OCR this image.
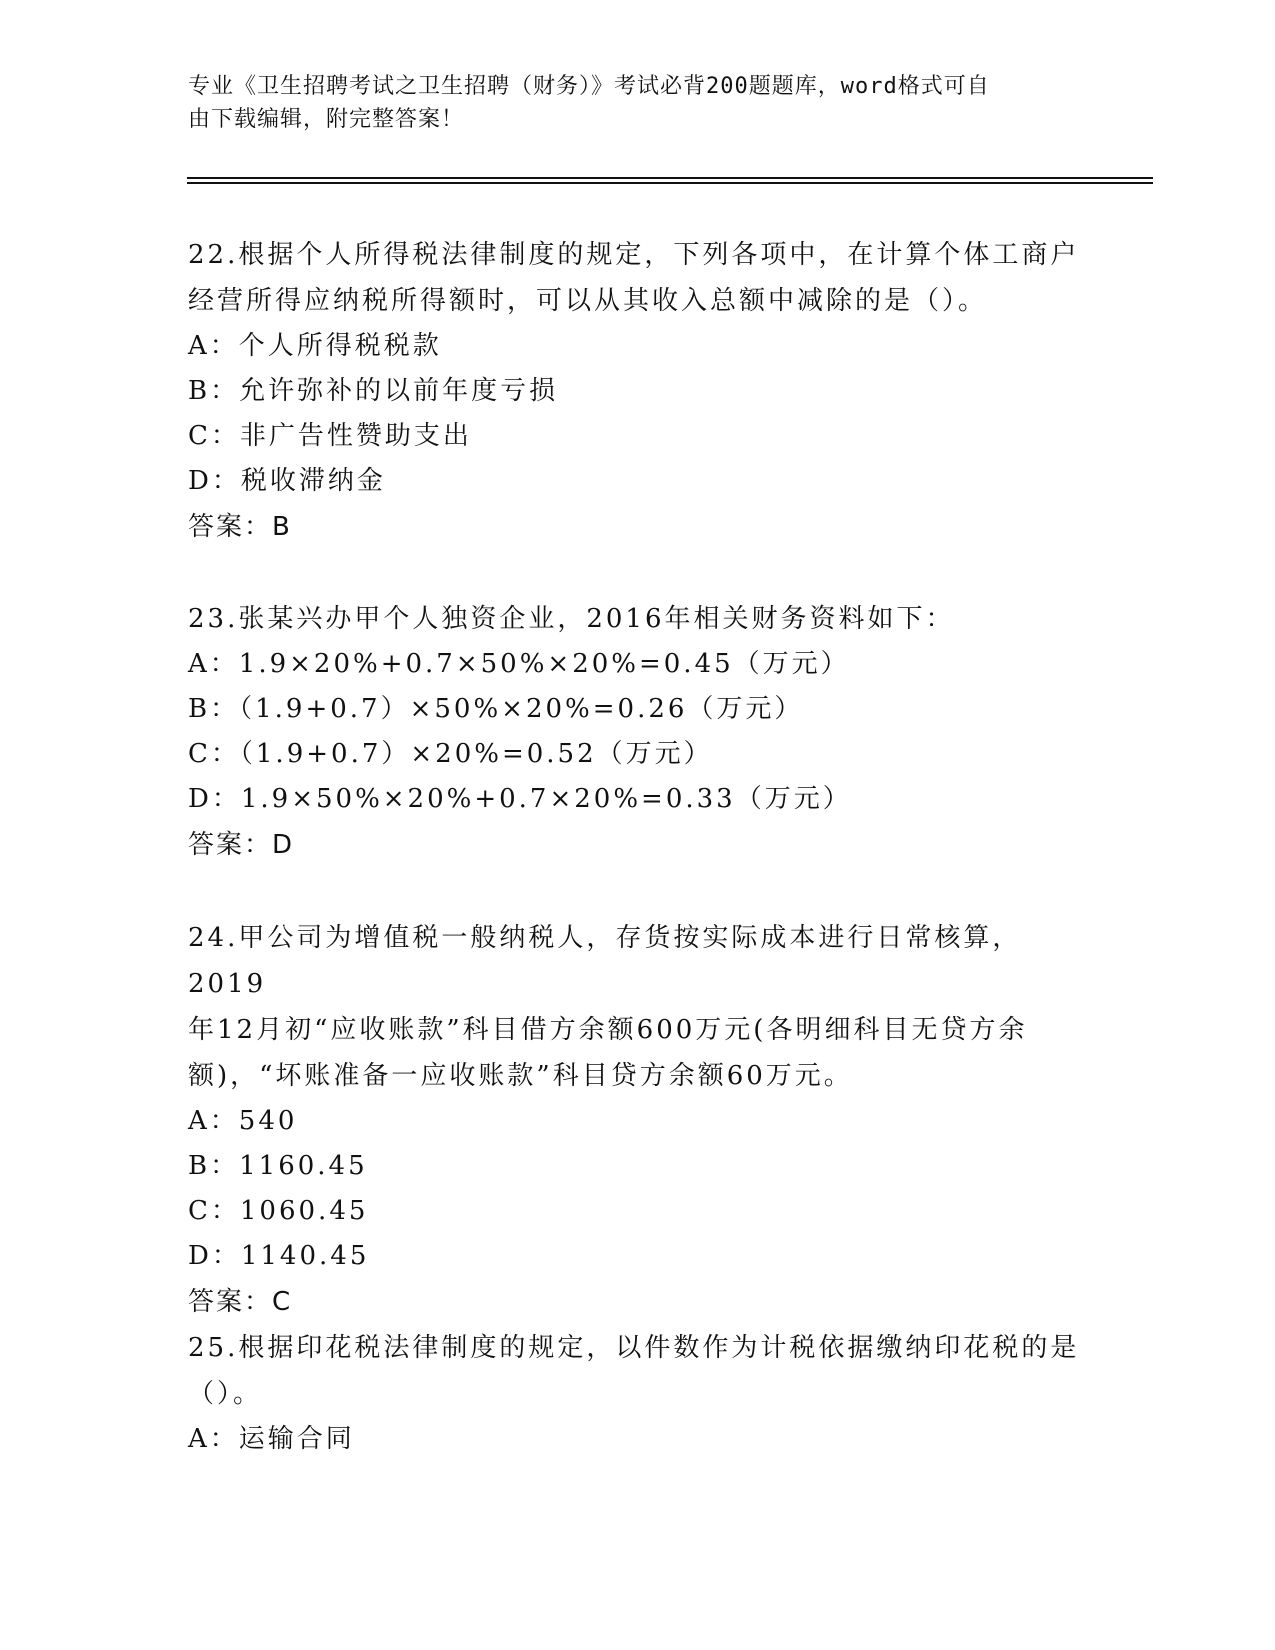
专业《卫生招聘考试之卫生招聘（财务）》考试必背200题题库，word格式可自
由下载编辑，附完整答案！
22.根据个人所得税法律制度的规定，下列各项中，在计算个体工商户
经营所得应纳税所得额时，可以从其收入总额中减除的是（）。
A：个人所得税税款
B：允许弥补的以前年度亏损
C：非广告性赞助支出
D：税收滞纳金
答案：B
23.张某兴办甲个人独资企业，2016年相关财务资料如下：
A：1.9×20%+0.7×50%×20%=0.45（万元）
B：（1.9+0.7）×50%×20%=0.26（万元）
C：（1.9+0.7）×20%=0.52（万元）
D：1.9×50%×20%+0.7×20%=0.33（万元）
答案：D
24.甲公司为增值税一般纳税人，存货按实际成本进行日常核算，2019
年12月初“应收账款”科目借方余额600万元(各明细科目无贷方余
额)，“坏账准备一应收账款”科目贷方余额60万元。
A：540
B：1160.45
C：1060.45
D：1140.45
答案：C
25.根据印花税法律制度的规定，以件数作为计税依据缴纳印花税的是
（）。
A：运输合同
